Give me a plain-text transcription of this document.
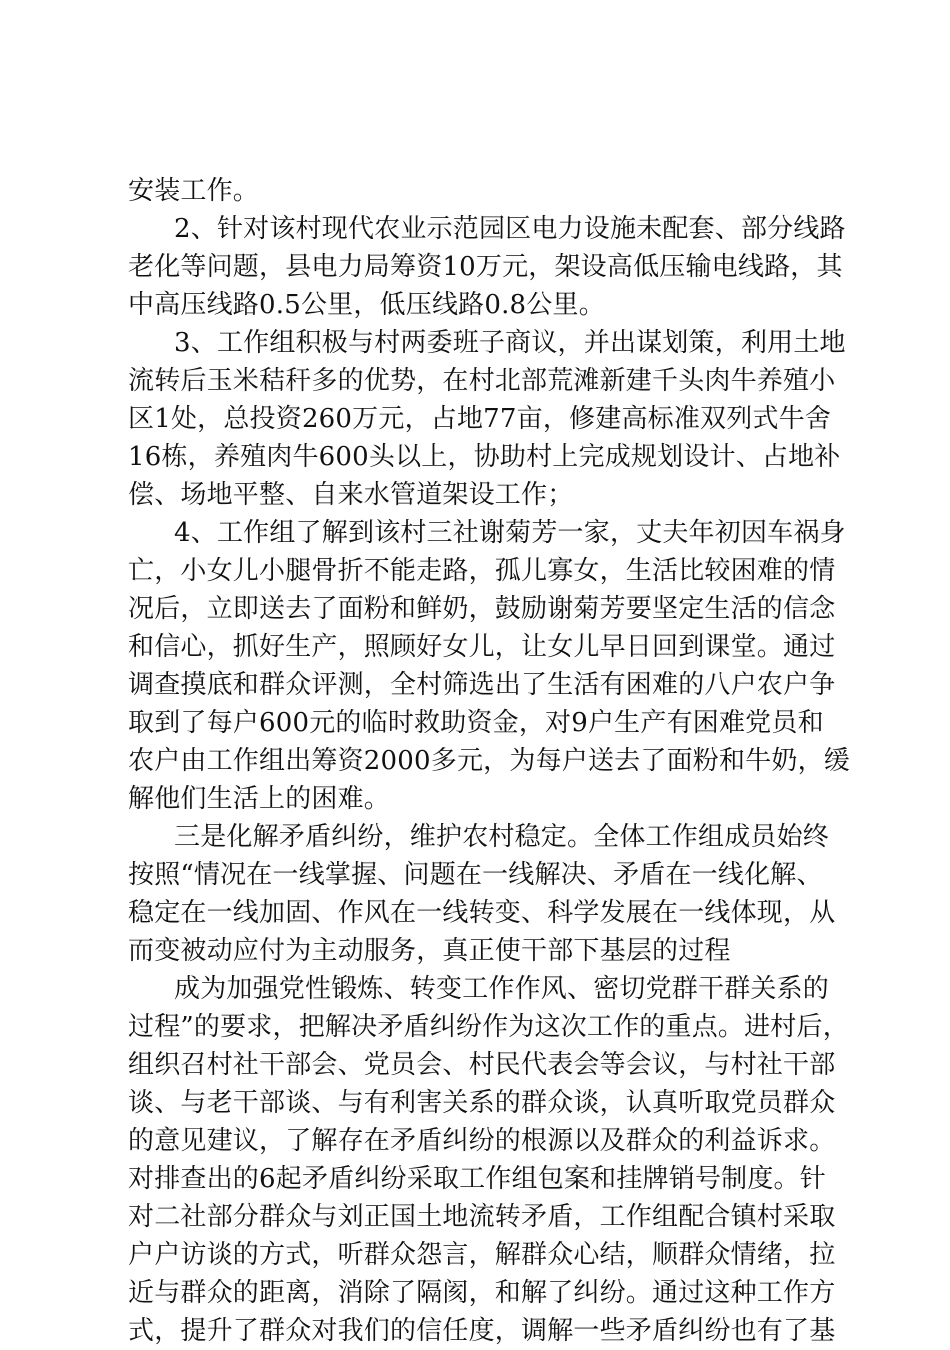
安装工作。
2、针对该村现代农业示范园区电力设施未配套、部分线路
老化等问题，县电力局筹资10万元，架设高低压输电线路，其
中高压线路0.5公里，低压线路0.8公里。
3、工作组积极与村两委班子商议，并出谋划策，利用土地
流转后玉米秸秆多的优势，在村北部荒滩新建千头肉牛养殖小
区1处，总投资260万元，占地77亩，修建高标准双列式牛舍
16栋，养殖肉牛600头以上，协助村上完成规划设计、占地补
偿、场地平整、自来水管道架设工作；
4、工作组了解到该村三社谢菊芳一家，丈夫年初因车祸身
亡，小女儿小腿骨折不能走路，孤儿寡女，生活比较困难的情
况后，立即送去了面粉和鲜奶，鼓励谢菊芳要坚定生活的信念
和信心，抓好生产，照顾好女儿，让女儿早日回到课堂。通过
调查摸底和群众评测，全村筛选出了生活有困难的八户农户争
取到了每户600元的临时救助资金，对9户生产有困难党员和
农户由工作组出筹资2000多元，为每户送去了面粉和牛奶，缓
解他们生活上的困难。
三是化解矛盾纠纷，维护农村稳定。全体工作组成员始终
按照“情况在一线掌握、问题在一线解决、矛盾在一线化解、
稳定在一线加固、作风在一线转变、科学发展在一线体现，从
而变被动应付为主动服务，真正使干部下基层的过程
成为加强党性锻炼、转变工作作风、密切党群干群关系的
过程”的要求，把解决矛盾纠纷作为这次工作的重点。进村后，
组织召村社干部会、党员会、村民代表会等会议，与村社干部
谈、与老干部谈、与有利害关系的群众谈，认真听取党员群众
的意见建议，了解存在矛盾纠纷的根源以及群众的利益诉求。
对排查出的6起矛盾纠纷采取工作组包案和挂牌销号制度。针
对二社部分群众与刘正国土地流转矛盾，工作组配合镇村采取
户户访谈的方式，听群众怨言，解群众心结，顺群众情绪，拉
近与群众的距离，消除了隔阂，和解了纠纷。通过这种工作方
式，提升了群众对我们的信任度，调解一些矛盾纠纷也有了基
